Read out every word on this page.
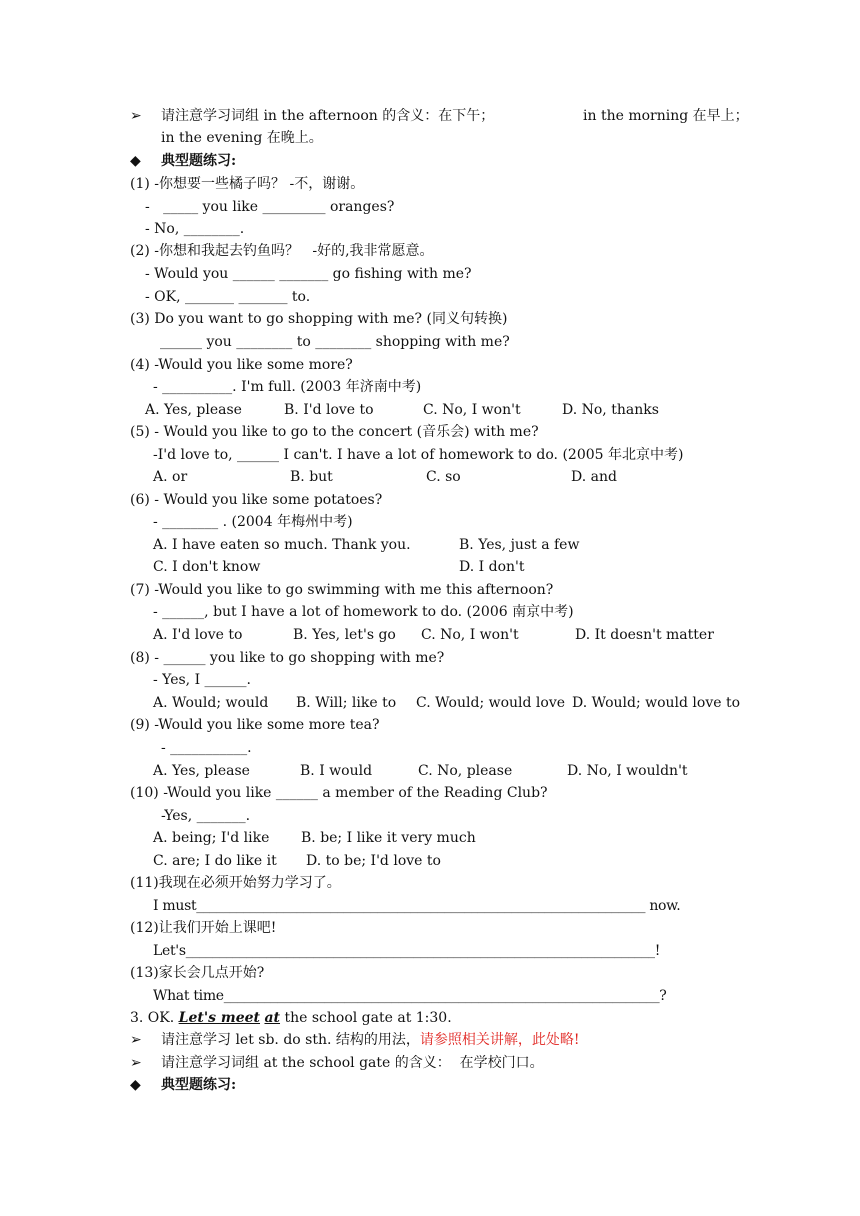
➢ 请注意学习词组 in the afternoon 的含义：在下午；	in the morning 在早上；
in the evening 在晚上。
◆ 典型题练习:
(1) -你想要一些橘子吗？ -不，谢谢。
-   _____ you like _________ oranges?
- No, ________.
(2) -你想和我起去钓鱼吗？   -好的,我非常愿意。
- Would you ______ _______ go fishing with me?
- OK, _______ _______ to.
(3) Do you want to go shopping with me? (同义句转换)
______ you ________ to ________ shopping with me?
(4) -Would you like some more?
- __________. I'm full. (2003 年济南中考)
A. Yes, please	B. I'd love to	C. No, I won't	D. No, thanks
(5) - Would you like to go to the concert (音乐会) with me?
-I'd love to, ______ I can't. I have a lot of homework to do. (2005 年北京中考)
A. or	B. but	C. so	D. and
(6) - Would you like some potatoes?
- ________ . (2004 年梅州中考)
A. I have eaten so much. Thank you.	B. Yes, just a few
C. I don't know	D. I don't
(7) -Would you like to go swimming with me this afternoon?
- ______, but I have a lot of homework to do. (2006 南京中考)
A. I'd love to	B. Yes, let's go C. No, I won't	D. It doesn't matter
(8) - ______ you like to go shopping with me?
- Yes, I ______.
A. Would; would B. Will; like to C. Would; would love D. Would; would love to
(9) -Would you like some more tea?
- ___________.
A. Yes, please	B. I would	C. No, please	D. No, I wouldn't
(10) -Would you like ______ a member of the Reading Club?
-Yes, _______.
A. being; I'd like B. be; I like it very much
C. are; I do like it D. to be; I'd love to
(11)我现在必须开始努力学习了。
I must___________________________________________________________________ now.
(12)让我们开始上课吧!
Let's______________________________________________________________________!
(13)家长会几点开始?
What time_________________________________________________________________?
3. OK. Let's meet at the school gate at 1:30.
➢ 请注意学习 let sb. do sth. 结构的用法，请参照相关讲解，此处略!
➢ 请注意学习词组 at the school gate 的含义：  在学校门口。
◆ 典型题练习:
